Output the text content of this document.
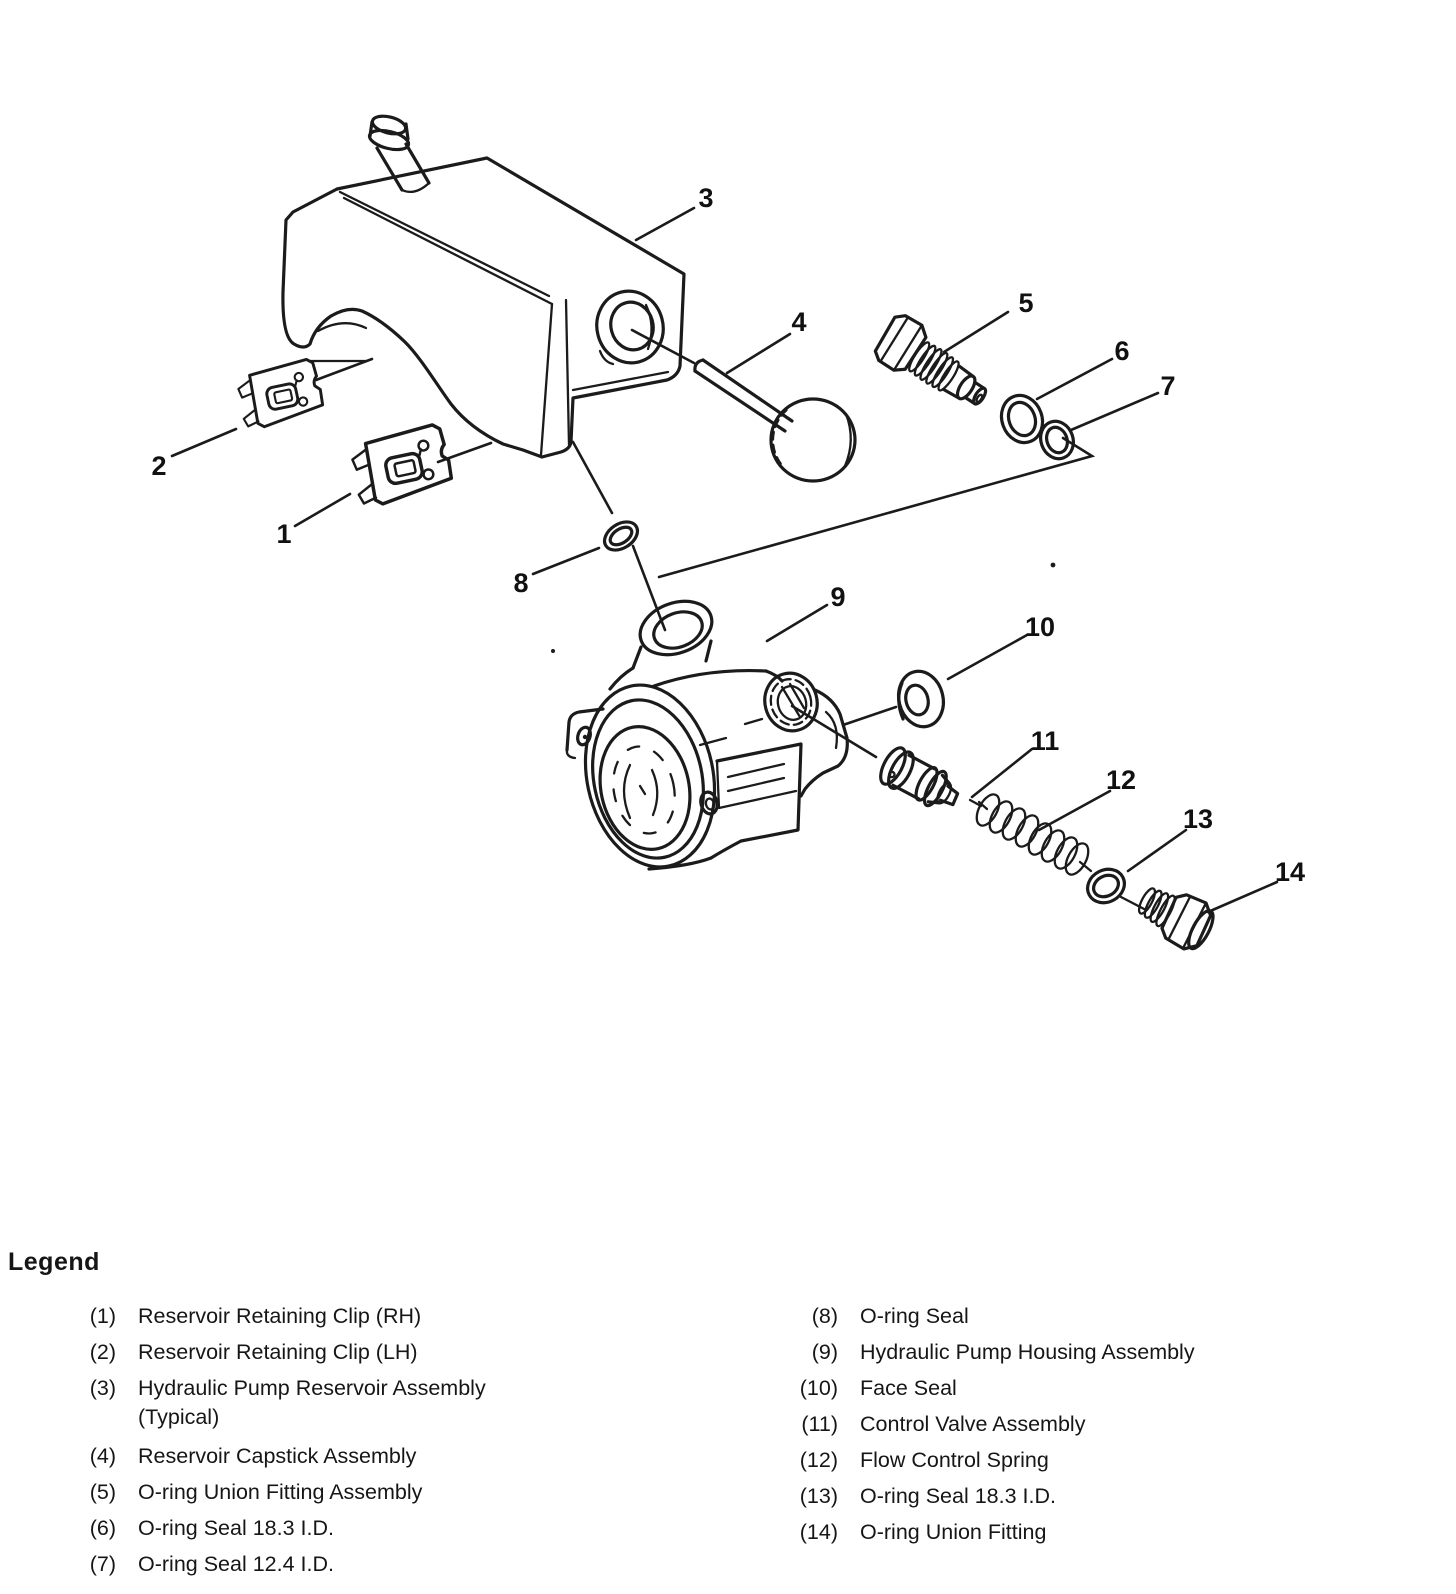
1
2
3
4
5
6
7
8	9
10
11
12
13
14
Legend
(1) Reservoir Retaining Clip (RH)
(2) Reservoir Retaining Clip (LH)
(3) Hydraulic Pump Reservoir Assembly
(Typical)
(4) Reservoir Capstick Assembly
(5) O-ring Union Fitting Assembly
(6) O-ring Seal 18.3 I.D.
(7) O-ring Seal 12.4 I.D.
(8) O-ring Seal
(9) Hydraulic Pump Housing Assembly
(10) Face Seal
(11) Control Valve Assembly
(12) Flow Control Spring
(13) O-ring Seal 18.3 I.D.
(14) O-ring Union Fitting
